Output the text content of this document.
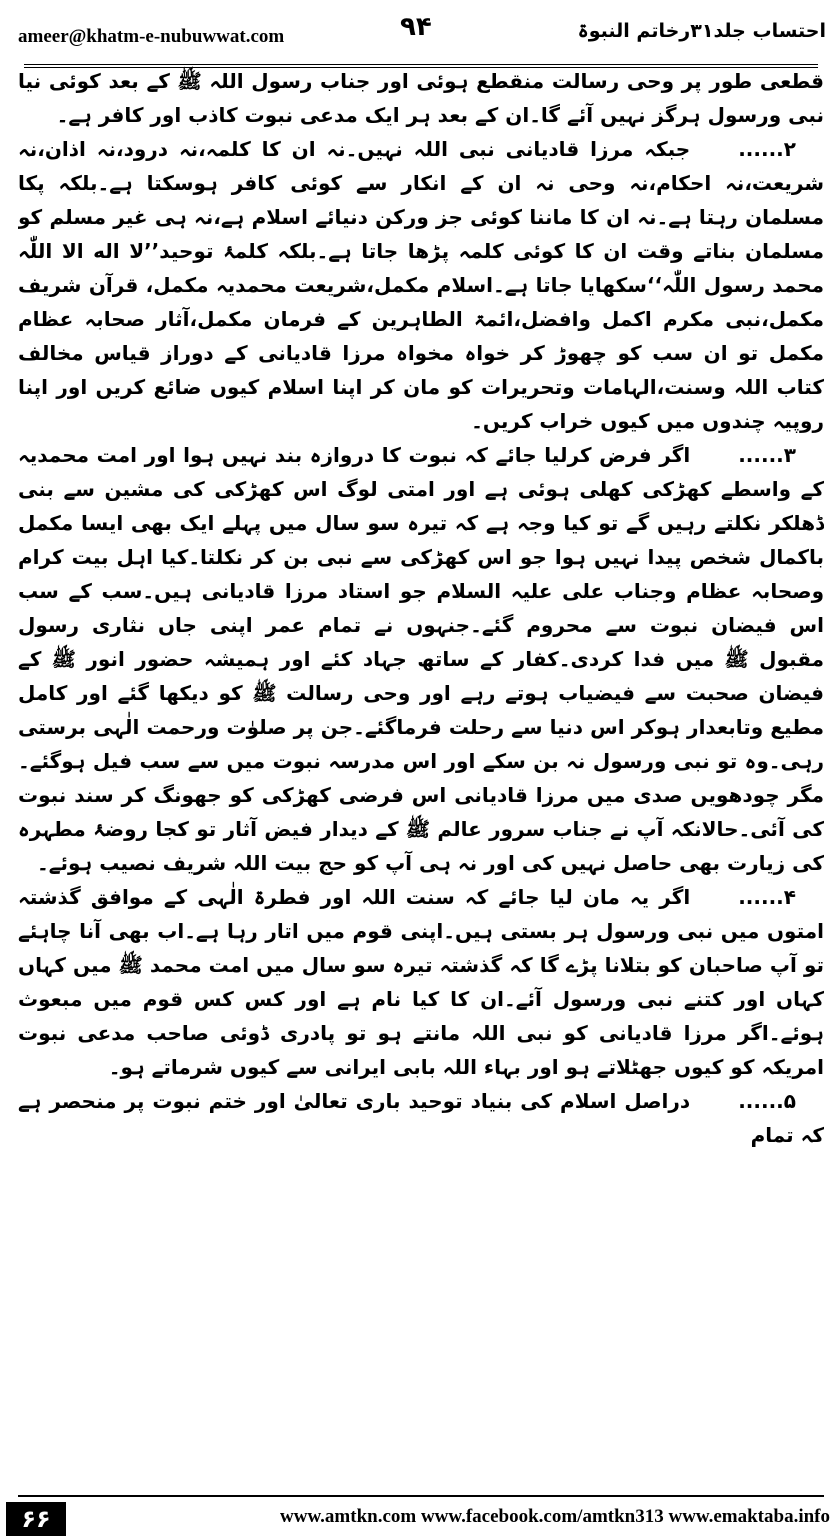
ameer@khatm-e-nubuwwat.com	۹۴	احتساب جلد۳۱رخاتم النبوۃ

قطعی طور پر وحی رسالت منقطع ہوئی اور جناب رسول اللہ ﷺ کے بعد کوئی نیا نبی ورسول ہرگز نہیں آئے گا۔ان کے بعد ہر ایک مدعی نبوت کاذب اور کافر ہے۔

۲......جبکہ مرزا قادیانی نبی اللہ نہیں۔نہ ان کا کلمہ،نہ درود،نہ اذان،نہ شریعت،نہ احکام،نہ وحی نہ ان کے انکار سے کوئی کافر ہوسکتا ہے۔بلکہ پکا مسلمان رہتا ہے۔نہ ان کا ماننا کوئی جز ورکن دنیائے اسلام ہے،نہ ہی غیر مسلم کو مسلمان بناتے وقت ان کا کوئی کلمہ پڑھا جاتا ہے۔بلکہ کلمۂ توحید’’لا اله الا اللّٰہ محمد رسول اللّٰہ‘‘سکھایا جاتا ہے۔اسلام مکمل،شریعت محمدیہ مکمل، قرآن شریف مکمل،نبی مکرم اکمل وافضل،ائمۃ الطاہرین کے فرمان مکمل،آثار صحابہ عظام مکمل تو ان سب کو چھوڑ کر خواہ مخواہ مرزا قادیانی کے دوراز قیاس مخالف کتاب اللہ وسنت،الہامات وتحریرات کو مان کر اپنا اسلام کیوں ضائع کریں اور اپنا روپیہ چندوں میں کیوں خراب کریں۔

۳......اگر فرض کرلیا جائے کہ نبوت کا دروازہ بند نہیں ہوا اور امت محمدیہ کے واسطے کھڑکی کھلی ہوئی ہے اور امتی لوگ اس کھڑکی کی مشین سے بنی ڈھلکر نکلتے رہیں گے تو کیا وجہ ہے کہ تیرہ سو سال میں پہلے ایک بھی ایسا مکمل باکمال شخص پیدا نہیں ہوا جو اس کھڑکی سے نبی بن کر نکلتا۔کیا اہل بیت کرام وصحابہ عظام وجناب علی علیہ السلام جو استاد مرزا قادیانی ہیں۔سب کے سب اس فیضان نبوت سے محروم گئے۔جنہوں نے تمام عمر اپنی جاں نثاری رسول مقبول ﷺ میں فدا کردی۔کفار کے ساتھ جہاد کئے اور ہمیشہ حضور انور ﷺ کے فیضان صحبت سے فیضیاب ہوتے رہے اور وحی رسالت ﷺ کو دیکھا گئے اور کامل مطیع وتابعدار ہوکر اس دنیا سے رحلت فرماگئے۔جن پر صلوٰت ورحمت الٰہی برستی رہی۔وہ تو نبی ورسول نہ بن سکے اور اس مدرسہ نبوت میں سے سب فیل ہوگئے۔مگر چودھویں صدی میں مرزا قادیانی اس فرضی کھڑکی کو جھونگ کر سند نبوت کی آئی۔حالانکہ آپ نے جناب سرور عالم ﷺ کے دیدار فیض آثار تو کجا روضۂ مطہرہ کی زیارت بھی حاصل نہیں کی اور نہ ہی آپ کو حج بیت اللہ شریف نصیب ہوئے۔

۴......اگر یہ مان لیا جائے کہ سنت اللہ اور فطرۃ الٰہی کے موافق گذشتہ امتوں میں نبی ورسول ہر بستی ہیں۔اپنی قوم میں اتار رہا ہے۔اب بھی آنا چاہئے تو آپ صاحبان کو بتلانا پڑے گا کہ گذشتہ تیرہ سو سال میں امت محمد ﷺ میں کہاں کہاں اور کتنے نبی ورسول آئے۔ان کا کیا نام ہے اور کس کس قوم میں مبعوث ہوئے۔اگر مرزا قادیانی کو نبی اللہ مانتے ہو تو پادری ڈوئی صاحب مدعی نبوت امریکہ کو کیوں جھٹلاتے ہو اور بہاء اللہ بابی ایرانی سے کیوں شرماتے ہو۔

۵......دراصل اسلام کی بنیاد توحید باری تعالیٰ اور ختم نبوت پر منحصر ہے کہ تمام

۶۶	www.amtkn.com www.facebook.com/amtkn313 www.emaktaba.info
